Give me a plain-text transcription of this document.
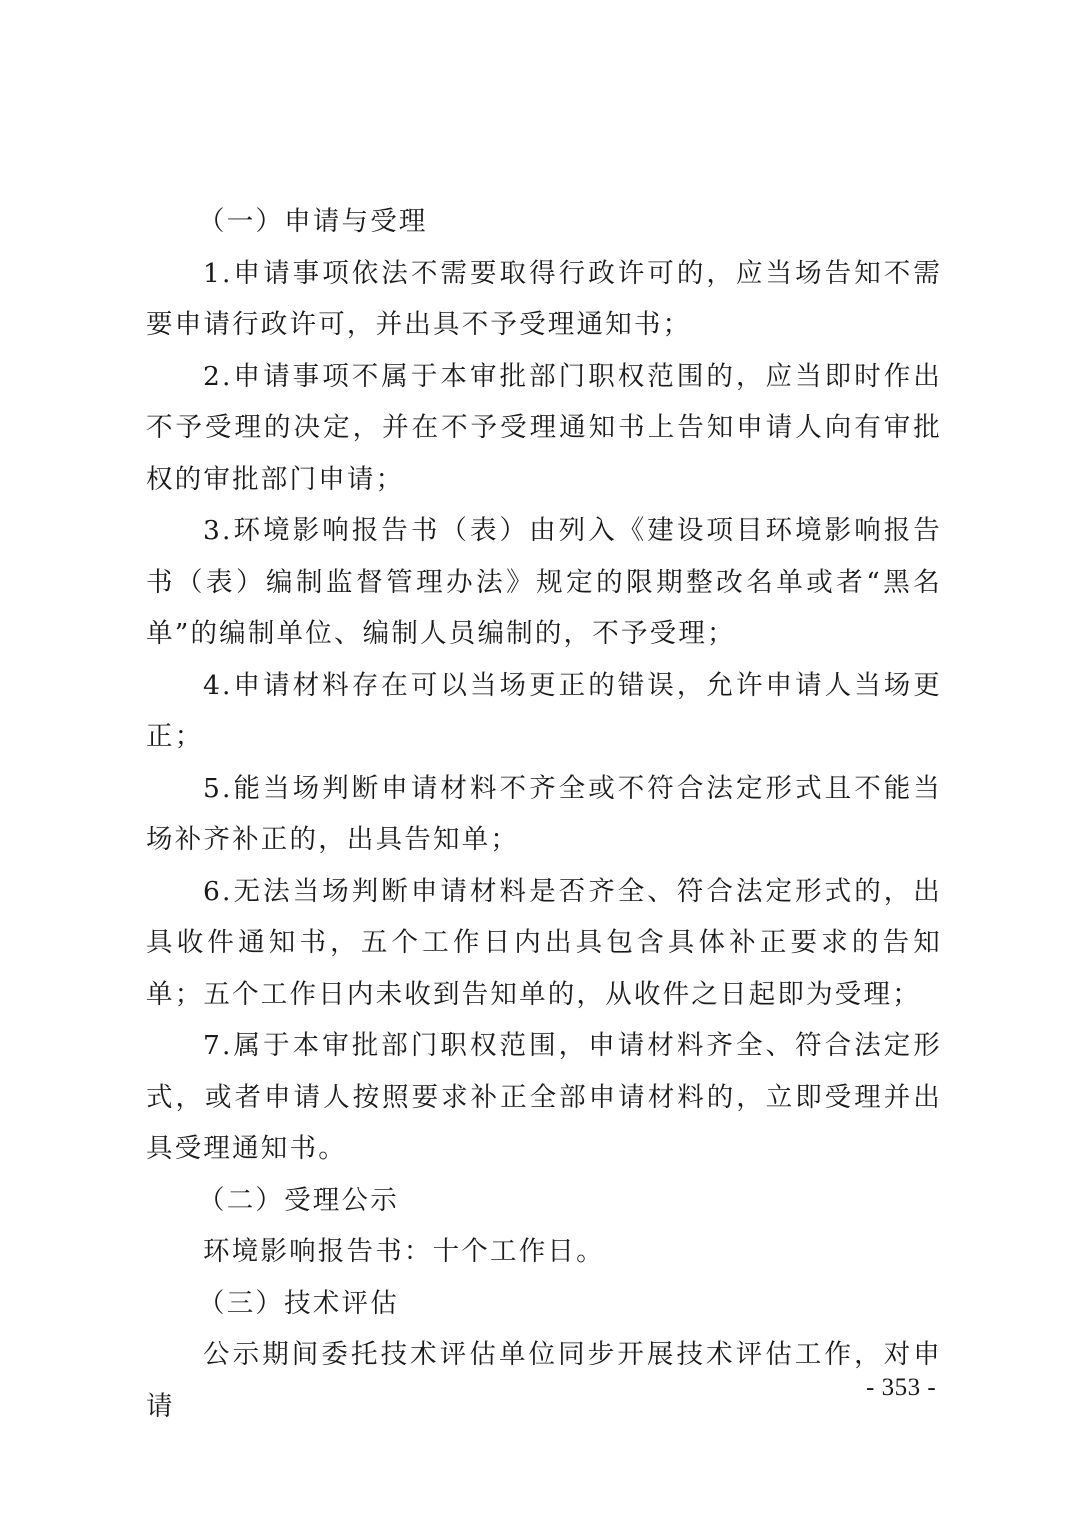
（一）申请与受理

1.申请事项依法不需要取得行政许可的，应当场告知不需要申请行政许可，并出具不予受理通知书；

2.申请事项不属于本审批部门职权范围的，应当即时作出不予受理的决定，并在不予受理通知书上告知申请人向有审批权的审批部门申请；

3.环境影响报告书（表）由列入《建设项目环境影响报告书（表）编制监督管理办法》规定的限期整改名单或者“黑名单”的编制单位、编制人员编制的，不予受理；

4.申请材料存在可以当场更正的错误，允许申请人当场更正；

5.能当场判断申请材料不齐全或不符合法定形式且不能当场补齐补正的，出具告知单；

6.无法当场判断申请材料是否齐全、符合法定形式的，出具收件通知书，五个工作日内出具包含具体补正要求的告知单；五个工作日内未收到告知单的，从收件之日起即为受理；

7.属于本审批部门职权范围，申请材料齐全、符合法定形式，或者申请人按照要求补正全部申请材料的，立即受理并出具受理通知书。

（二）受理公示

环境影响报告书：十个工作日。

（三）技术评估

公示期间委托技术评估单位同步开展技术评估工作，对申请

- 353 -
